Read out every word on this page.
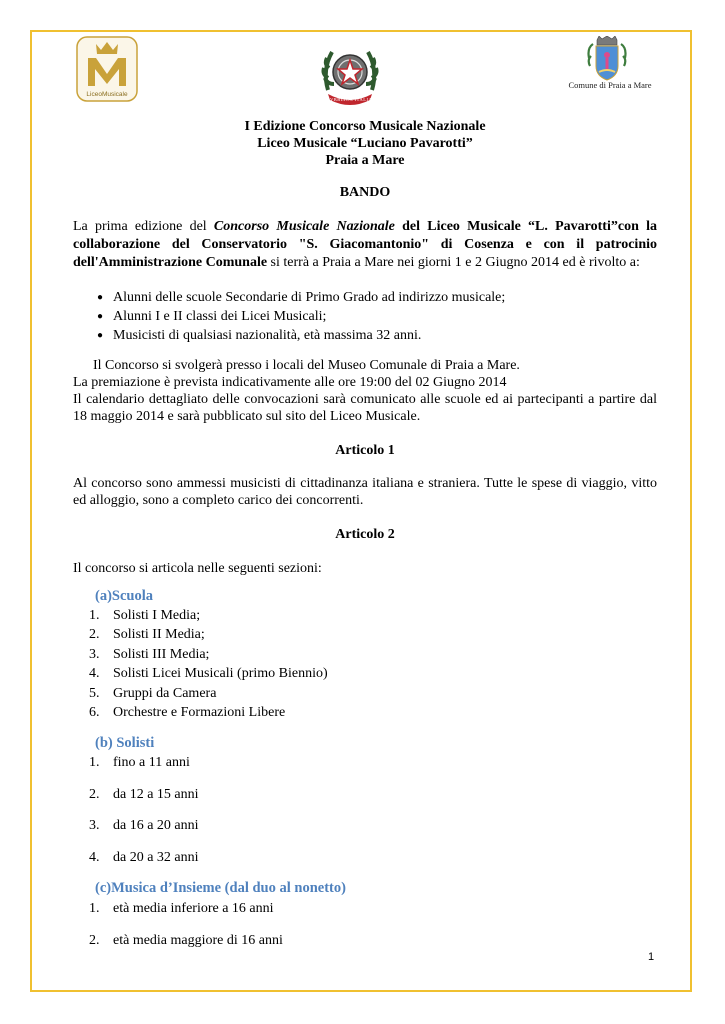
LiceoMusicale
REPVBBLICA ITALIANA
Comune di Praia a Mare
I Edizione Concorso Musicale Nazionale
Liceo Musicale “Luciano Pavarotti”
Praia a Mare
BANDO

La prima edizione del Concorso Musicale Nazionale del Liceo Musicale “L. Pavarotti”con la collaborazione del Conservatorio "S. Giacomantonio" di Cosenza e con il patrocinio dell'Amministrazione Comunale si terrà a Praia a Mare nei giorni 1 e 2 Giugno 2014 ed è rivolto a:

● Alunni delle scuole Secondarie di Primo Grado ad indirizzo musicale;
● Alunni I e II classi dei Licei Musicali;
● Musicisti di qualsiasi nazionalità, età massima 32 anni.
Il Concorso si svolgerà presso i locali del Museo Comunale di Praia a Mare.
La premiazione è prevista indicativamente alle ore 19:00 del 02 Giugno 2014

Il calendario dettagliato delle convocazioni sarà comunicato alle scuole ed ai partecipanti a partire dal 18 maggio 2014 e sarà pubblicato sul sito del Liceo Musicale.

Articolo 1

Al concorso sono ammessi musicisti di cittadinanza italiana e straniera. Tutte le spese di viaggio, vitto ed alloggio, sono a completo carico dei concorrenti.

Articolo 2
Il concorso si articola nelle seguenti sezioni:
(a)Scuola
1. Solisti I Media;
2. Solisti II Media;
3. Solisti III Media;
4. Solisti Licei Musicali (primo Biennio)
5. Gruppi da Camera
6. Orchestre e Formazioni Libere
(b) Solisti
1. fino a 11 anni
2. da 12 a 15 anni
3. da 16 a 20 anni
4. da 20 a 32 anni
(c)Musica d’Insieme (dal duo al nonetto)
1. età media inferiore a 16 anni
2. età media maggiore di 16 anni
1
